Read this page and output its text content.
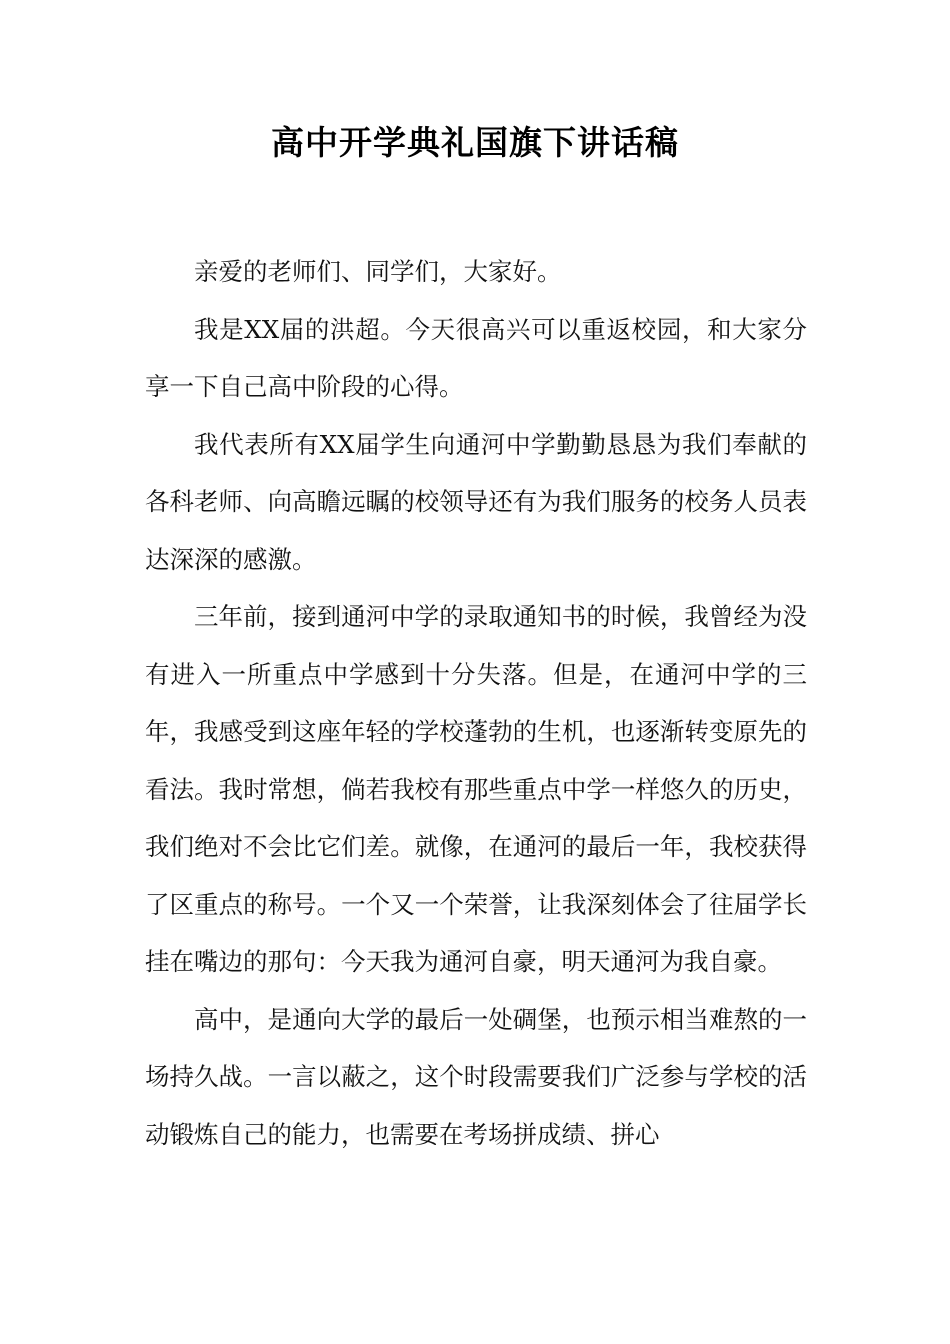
高中开学典礼国旗下讲话稿

亲爱的老师们、同学们，大家好。

我是XX届的洪超。今天很高兴可以重返校园，和大家分享一下自己高中阶段的心得。

我代表所有XX届学生向通河中学勤勤恳恳为我们奉献的各科老师、向高瞻远瞩的校领导还有为我们服务的校务人员表达深深的感激。

三年前，接到通河中学的录取通知书的时候，我曾经为没有进入一所重点中学感到十分失落。但是，在通河中学的三年，我感受到这座年轻的学校蓬勃的生机，也逐渐转变原先的看法。我时常想，倘若我校有那些重点中学一样悠久的历史，我们绝对不会比它们差。就像，在通河的最后一年，我校获得了区重点的称号。一个又一个荣誉，让我深刻体会了往届学长挂在嘴边的那句：今天我为通河自豪，明天通河为我自豪。

高中，是通向大学的最后一处碉堡，也预示相当难熬的一场持久战。一言以蔽之，这个时段需要我们广泛参与学校的活动锻炼自己的能力，也需要在考场拼成绩、拼心
